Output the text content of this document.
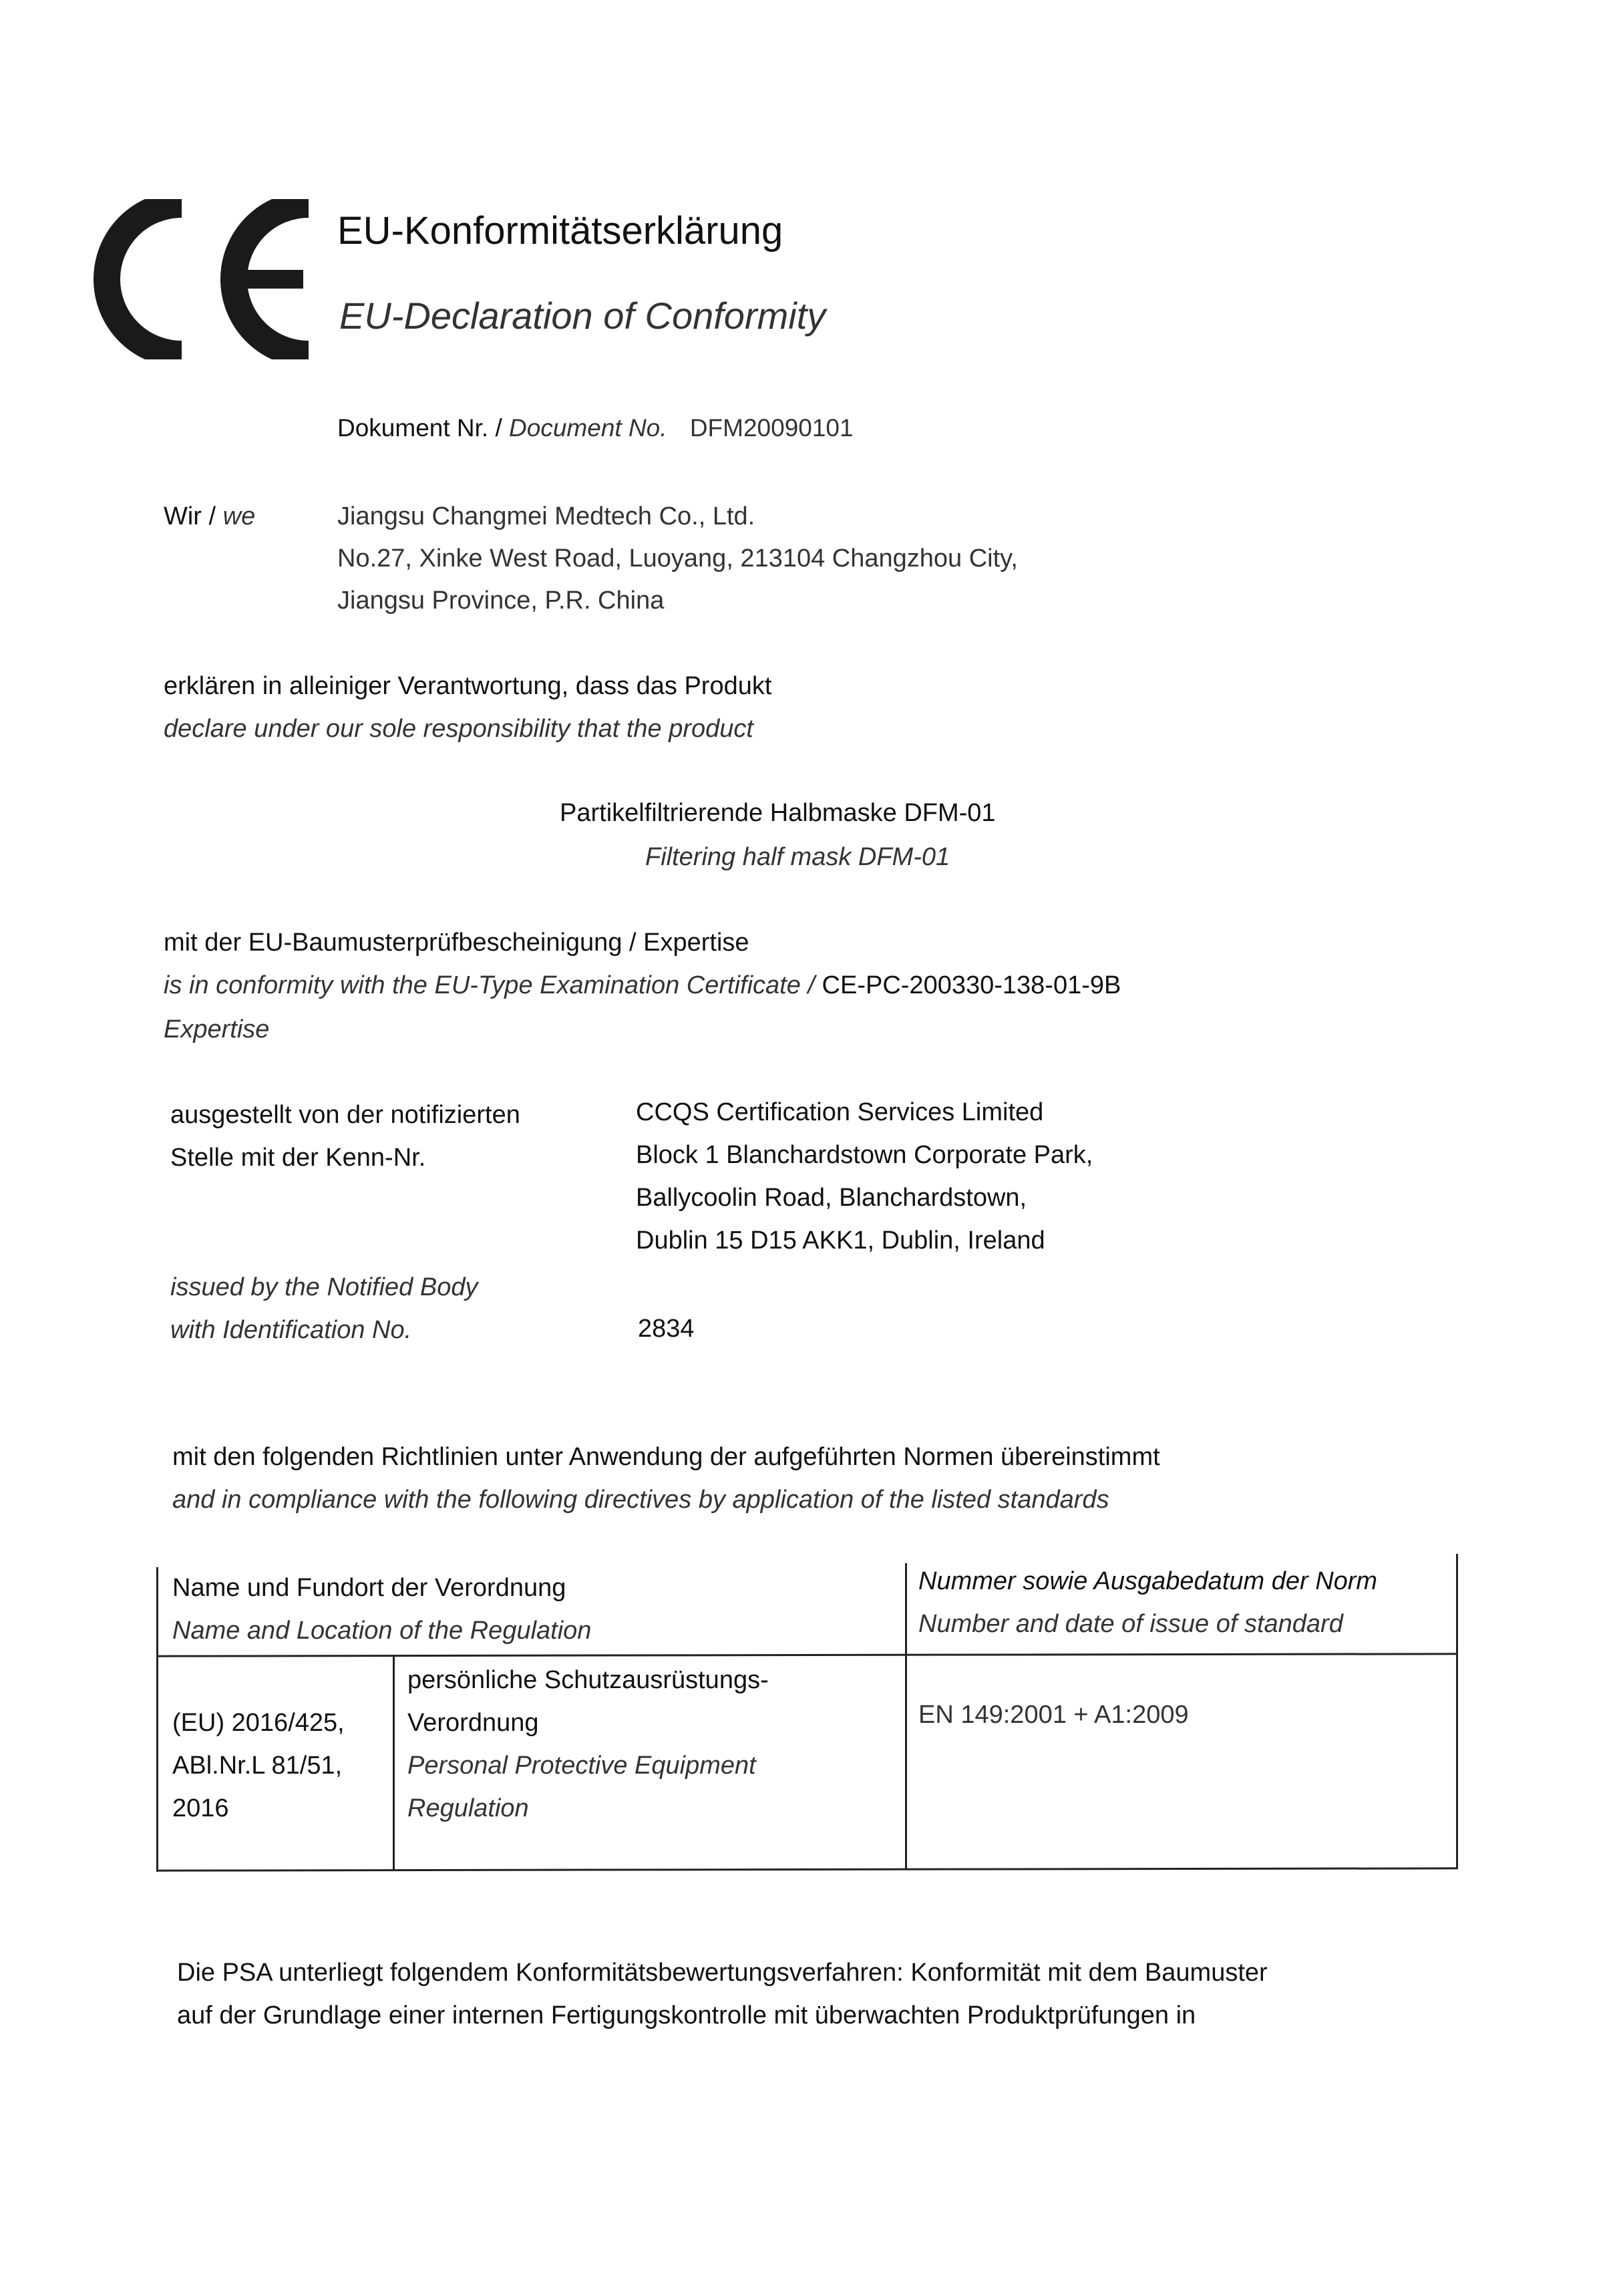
EU-Konformitätserklärung
EU-Declaration of Conformity
Dokument Nr. / Document No. DFM20090101
Wir / we	Jiangsu Changmei Medtech Co., Ltd.
No.27, Xinke West Road, Luoyang, 213104 Changzhou City,
Jiangsu Province, P.R. China
erklären in alleiniger Verantwortung, dass das Produkt
declare under our sole responsibility that the product
Partikelfiltrierende Halbmaske DFM-01
Filtering half mask DFM-01
mit der EU-Baumusterprüfbescheinigung / Expertise
is in conformity with the EU-Type Examination Certificate / CE-PC-200330-138-01-9B
Expertise
ausgestellt von der notifizierten
Stelle mit der Kenn-Nr.
CCQS Certification Services Limited
Block 1 Blanchardstown Corporate Park,
Ballycoolin Road, Blanchardstown,
Dublin 15 D15 AKK1, Dublin, Ireland
issued by the Notified Body
with Identification No.	2834
mit den folgenden Richtlinien unter Anwendung der aufgeführten Normen übereinstimmt
and in compliance with the following directives by application of the listed standards
Name und Fundort der Verordnung
Name and Location of the Regulation
Nummer sowie Ausgabedatum der Norm
Number and date of issue of standard
(EU) 2016/425,
ABl.Nr.L 81/51,
2016
persönliche Schutzausrüstungs-
Verordnung
Personal Protective Equipment
Regulation
EN 149:2001 + A1:2009
Die PSA unterliegt folgendem Konformitätsbewertungsverfahren: Konformität mit dem Baumuster
auf der Grundlage einer internen Fertigungskontrolle mit überwachten Produktprüfungen in
